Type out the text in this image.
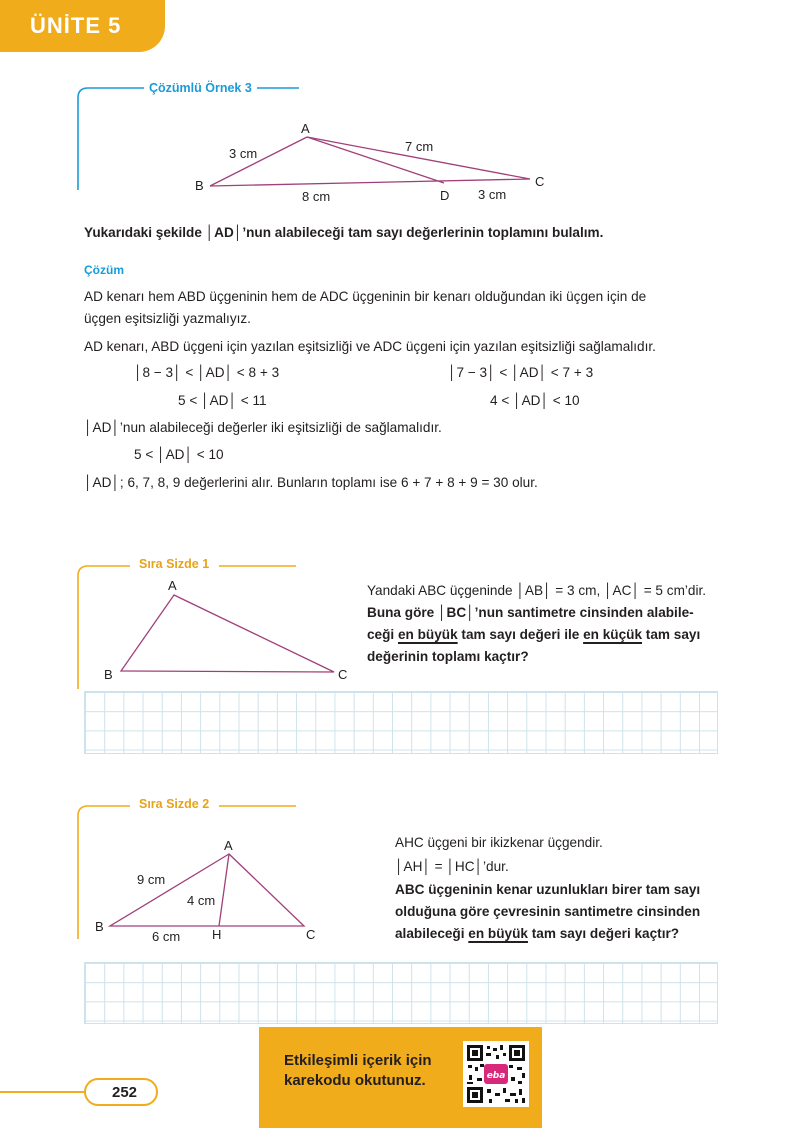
ÜNİTE 5
Çözümlü Örnek 3
A
B	C
D
3 cm	7 cm
8 cm	3 cm
Yukarıdaki şekilde │AD│’nun alabileceği tam sayı değerlerinin toplamını bulalım.
Çözüm
AD kenarı hem ABD üçgeninin hem de ADC üçgeninin bir kenarı olduğundan iki üçgen için de
üçgen eşitsizliği yazmalıyız.
AD kenarı, ABD üçgeni için yazılan eşitsizliği ve ADC üçgeni için yazılan eşitsizliği sağlamalıdır.
│8 − 3│ < │AD│ < 8 + 3
5 < │AD│ < 11
│7 − 3│ < │AD│ < 7 + 3
4 < │AD│ < 10
│AD│’nun alabileceği değerler iki eşitsizliği de sağlamalıdır.
5 < │AD│ < 10
│AD│; 6, 7, 8, 9 değerlerini alır. Bunların toplamı ise 6 + 7 + 8 + 9 = 30 olur.
Sıra Sizde 1
A
B	C
Yandaki ABC üçgeninde │AB│ = 3 cm, │AC│ = 5 cm’dir.
Buna göre │BC│’nun santimetre cinsinden alabile-
ceği en büyük tam sayı değeri ile en küçük tam sayı
değerinin toplamı kaçtır?
Sıra Sizde 2
A
B
C
H
9 cm
4 cm
6 cm
AHC üçgeni bir ikizkenar üçgendir.
│AH│ = │HC│’dur.
ABC üçgeninin kenar uzunlukları birer tam sayı
olduğuna göre çevresinin santimetre cinsinden
alabileceği en büyük tam sayı değeri kaçtır?
Etkileşimli içerik için
karekodu okutunuz.	eba
252
